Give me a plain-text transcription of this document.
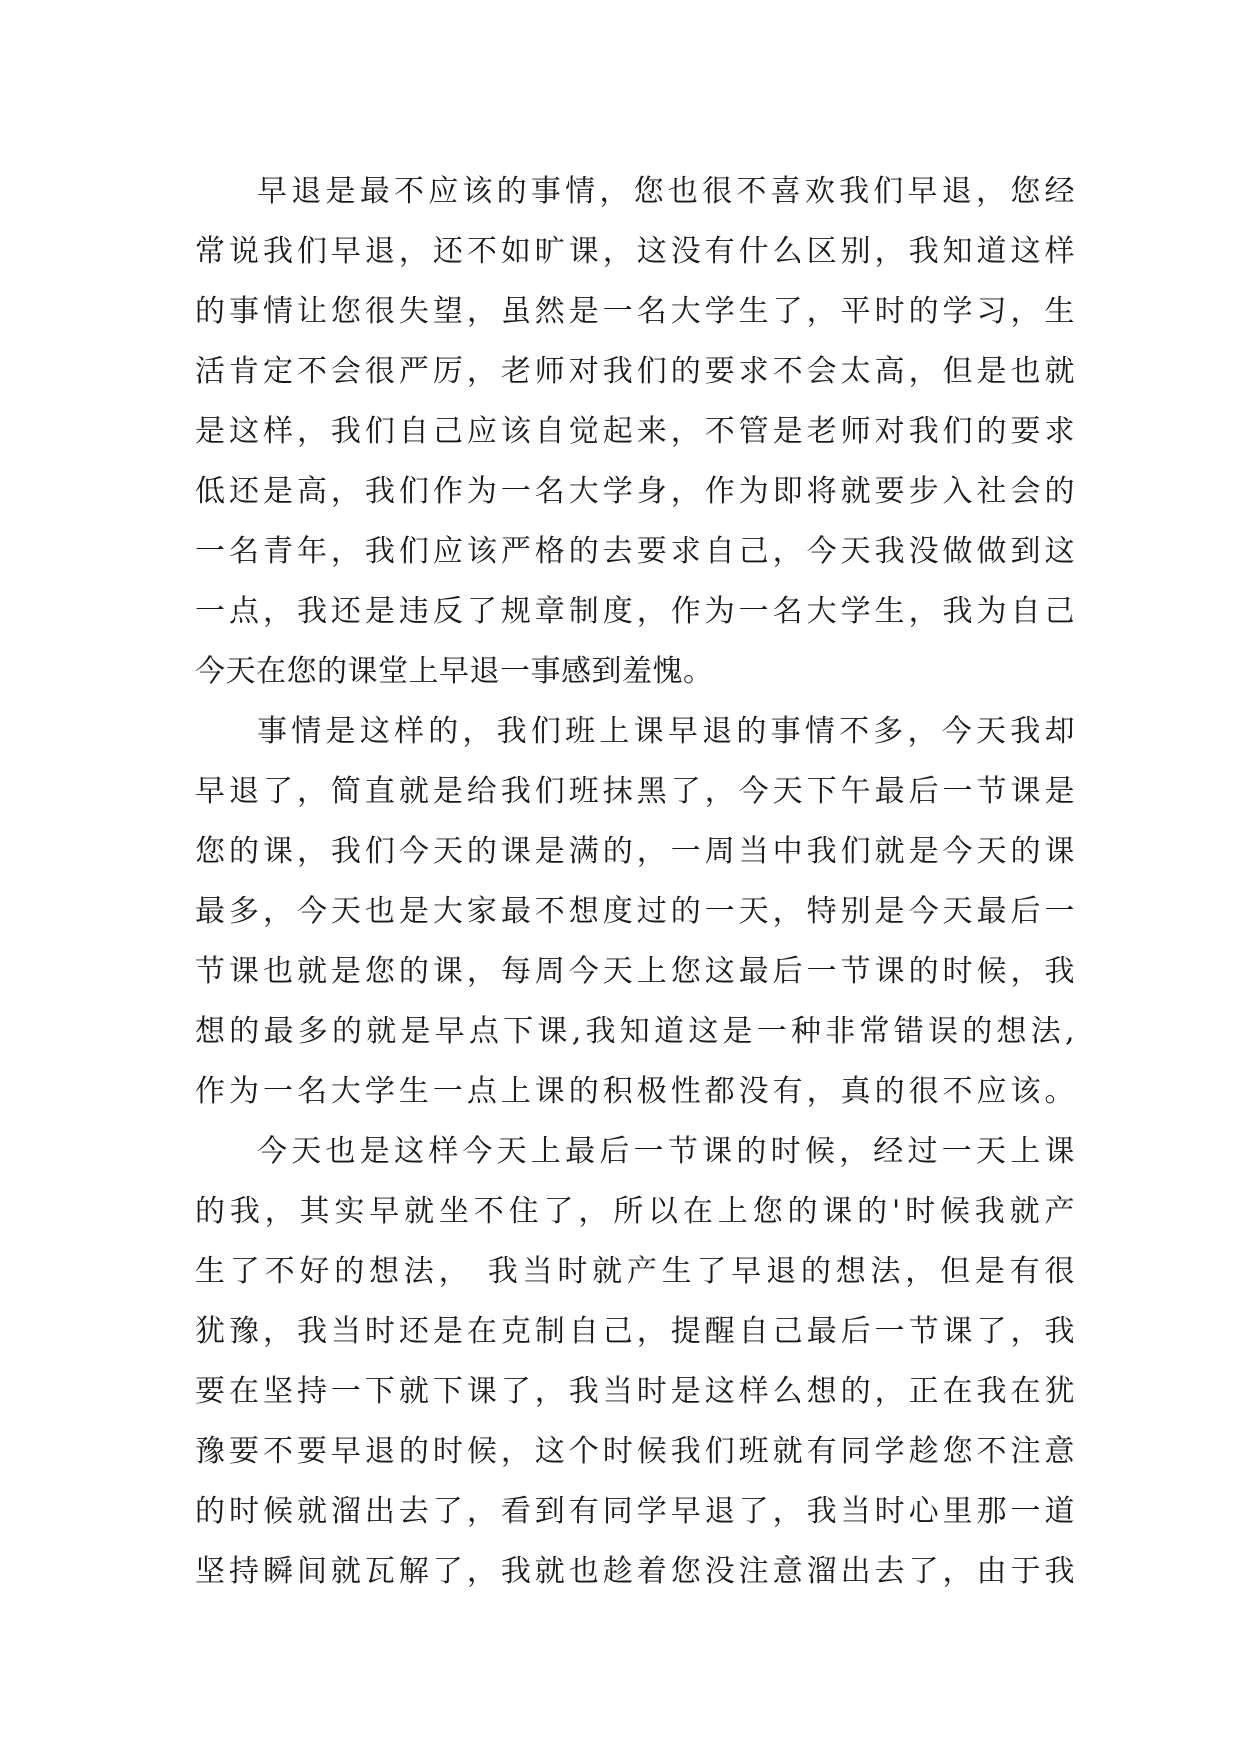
早退是最不应该的事情，您也很不喜欢我们早退，您经
常说我们早退，还不如旷课，这没有什么区别，我知道这样
的事情让您很失望，虽然是一名大学生了，平时的学习，生
活肯定不会很严厉，老师对我们的要求不会太高，但是也就
是这样，我们自己应该自觉起来，不管是老师对我们的要求
低还是高，我们作为一名大学身，作为即将就要步入社会的
一名青年，我们应该严格的去要求自己，今天我没做做到这
一点，我还是违反了规章制度，作为一名大学生，我为自己
今天在您的课堂上早退一事感到羞愧。
事情是这样的，我们班上课早退的事情不多，今天我却
早退了，简直就是给我们班抹黑了，今天下午最后一节课是
您的课，我们今天的课是满的，一周当中我们就是今天的课
最多，今天也是大家最不想度过的一天，特别是今天最后一
节课也就是您的课，每周今天上您这最后一节课的时候，我
想的最多的就是早点下课,我知道这是一种非常错误的想法,
作为一名大学生一点上课的积极性都没有，真的很不应该。
今天也是这样今天上最后一节课的时候，经过一天上课
的我，其实早就坐不住了，所以在上您的课的'时候我就产
生了不好的想法， 我当时就产生了早退的想法，但是有很
犹豫，我当时还是在克制自己，提醒自己最后一节课了，我
要在坚持一下就下课了，我当时是这样么想的，正在我在犹
豫要不要早退的时候，这个时候我们班就有同学趁您不注意
的时候就溜出去了，看到有同学早退了，我当时心里那一道
坚持瞬间就瓦解了，我就也趁着您没注意溜出去了，由于我
